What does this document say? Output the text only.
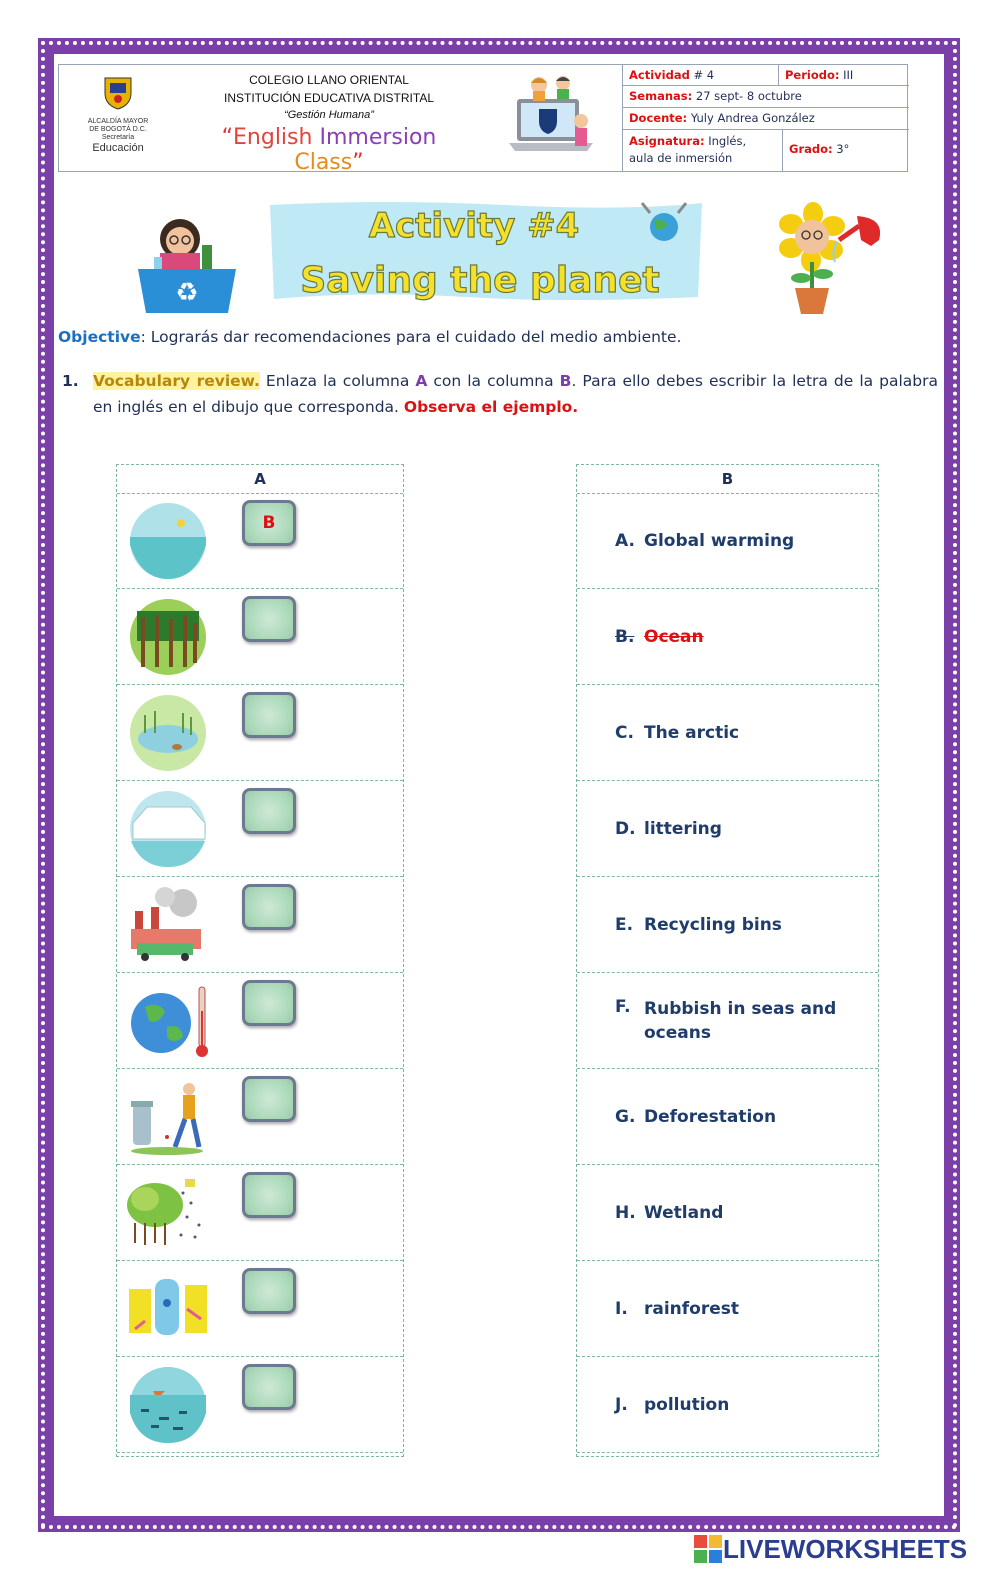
ALCALDÍA MAYOR
DE BOGOTÁ D.C.
Secretaría
Educación
COLEGIO LLANO ORIENTAL
INSTITUCIÓN EDUCATIVA DISTRITAL
“Gestión Humana”
“English Immersion Class”
Actividad # 4	Periodo: III
Semanas: 27 sept- 8 octubre
Docente: Yuly Andrea González
Asignatura: Inglés,
aula de inmersión
Grado: 3°
♻
Activity #4
Saving the planet
Objective: Lograrás dar recomendaciones para el cuidado del medio ambiente.
1. Vocabulary review. Enlaza la columna A con la columna B. Para ello debes escribir la letra de la palabra en inglés en el dibujo que corresponda. Observa el ejemplo.
A
B
B
A. Global warming
B. Ocean
C. The arctic
D. littering
E. Recycling bins
F. Rubbish in seas and oceans
G. Deforestation
H. Wetland
I. rainforest
J. pollution
LIVEWORKSHEETS
